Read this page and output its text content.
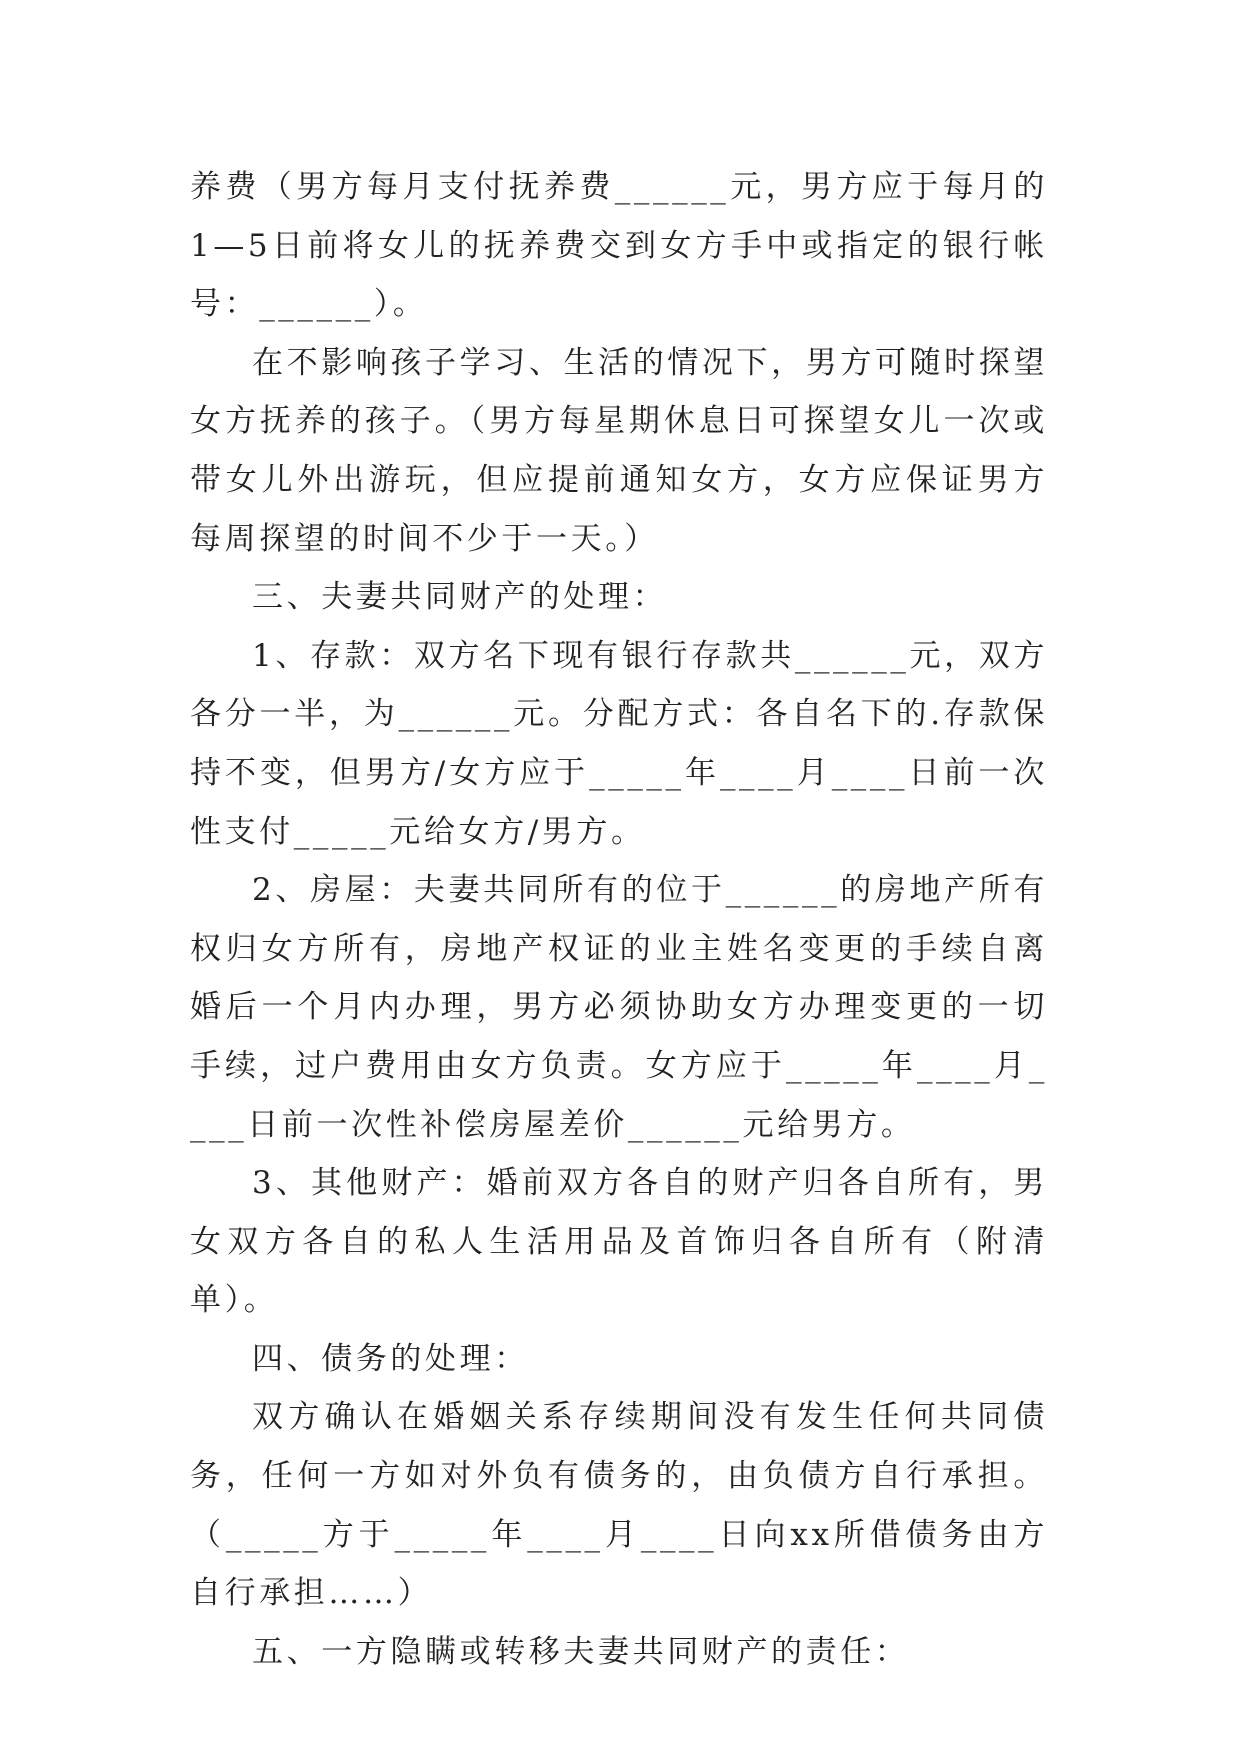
养费（男方每月支付抚养费______元，男方应于每月的1—5日前将女儿的抚养费交到女方手中或指定的银行帐号：______）。

在不影响孩子学习、生活的情况下，男方可随时探望女方抚养的孩子。（男方每星期休息日可探望女儿一次或带女儿外出游玩，但应提前通知女方，女方应保证男方每周探望的时间不少于一天。）

三、夫妻共同财产的处理：

1、存款：双方名下现有银行存款共______元，双方各分一半，为______元。分配方式：各自名下的.存款保持不变，但男方/女方应于_____年____月____日前一次性支付_____元给女方/男方。

2、房屋：夫妻共同所有的位于______的房地产所有权归女方所有，房地产权证的业主姓名变更的手续自离婚后一个月内办理，男方必须协助女方办理变更的一切手续，过户费用由女方负责。女方应于_____年____月____日前一次性补偿房屋差价______元给男方。

3、其他财产：婚前双方各自的财产归各自所有，男女双方各自的私人生活用品及首饰归各自所有（附清单）。

四、债务的处理：

双方确认在婚姻关系存续期间没有发生任何共同债务，任何一方如对外负有债务的，由负债方自行承担。（_____方于_____年____月____日向xx所借债务由方自行承担……）

五、一方隐瞒或转移夫妻共同财产的责任：
